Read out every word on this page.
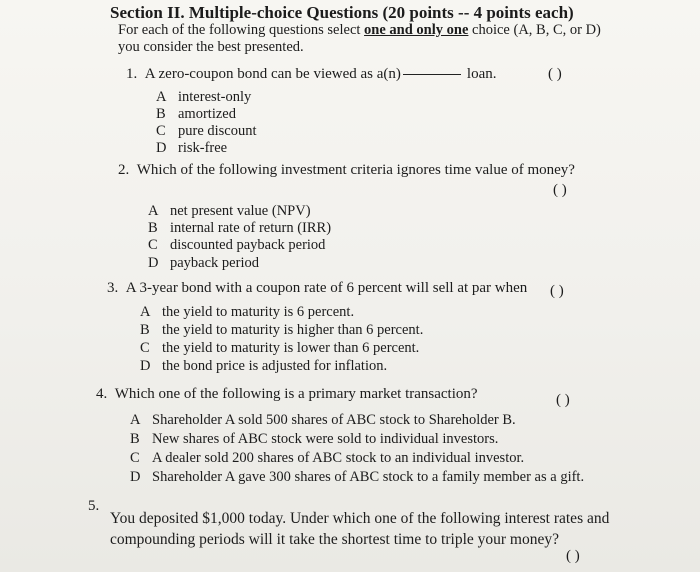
Section II. Multiple-choice Questions (20 points -- 4 points each)
For each of the following questions select one and only one choice (A, B, C, or D)
you consider the best presented.
1. A zero-coupon bond can be viewed as a(n)	loan.	( )
A interest-only
B amortized
C pure discount
D risk-free
2. Which of the following investment criteria ignores time value of money?
( )
A net present value (NPV)
B internal rate of return (IRR)
C discounted payback period
D payback period
3. A 3-year bond with a coupon rate of 6 percent will sell at par when ( )
A the yield to maturity is 6 percent.
B the yield to maturity is higher than 6 percent.
C the yield to maturity is lower than 6 percent.
D the bond price is adjusted for inflation.
4. Which one of the following is a primary market transaction?	( )
A Shareholder A sold 500 shares of ABC stock to Shareholder B.
B New shares of ABC stock were sold to individual investors.
C A dealer sold 200 shares of ABC stock to an individual investor.
D Shareholder A gave 300 shares of ABC stock to a family member as a gift.
5.
You deposited $1,000 today. Under which one of the following interest rates and compounding periods will it take the shortest time to triple your money?
( )
